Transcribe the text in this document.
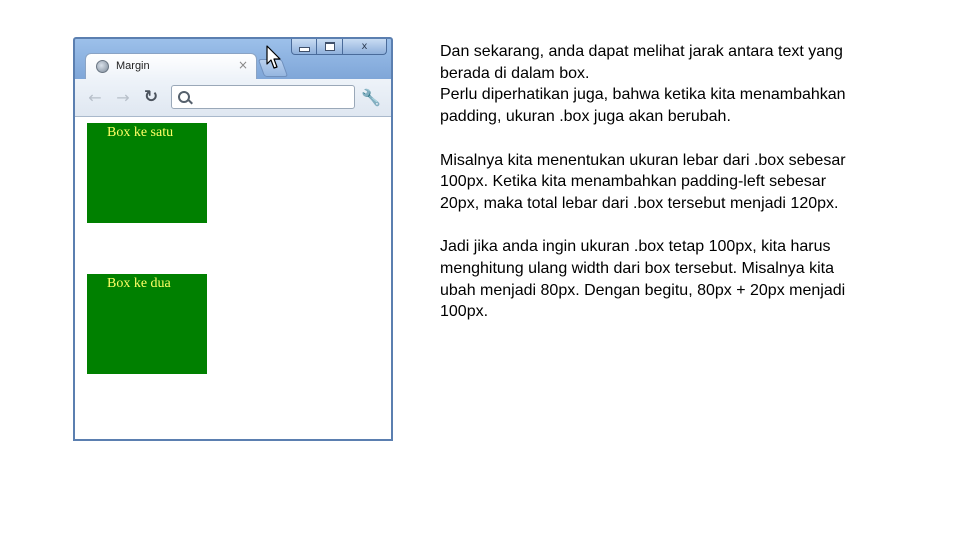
x
Margin	×
← → ↻	🔧
Box ke satu
Box ke dua

Dan sekarang, anda dapat melihat jarak antara text yang
berada di dalam box.
Perlu diperhatikan juga, bahwa ketika kita menambahkan
padding, ukuran .box juga akan berubah.

Misalnya kita menentukan ukuran lebar dari .box sebesar
100px. Ketika kita menambahkan padding-left sebesar
20px, maka total lebar dari .box tersebut menjadi 120px.

Jadi jika anda ingin ukuran .box tetap 100px, kita harus
menghitung ulang width dari box tersebut. Misalnya kita
ubah menjadi 80px. Dengan begitu, 80px + 20px menjadi
100px.
